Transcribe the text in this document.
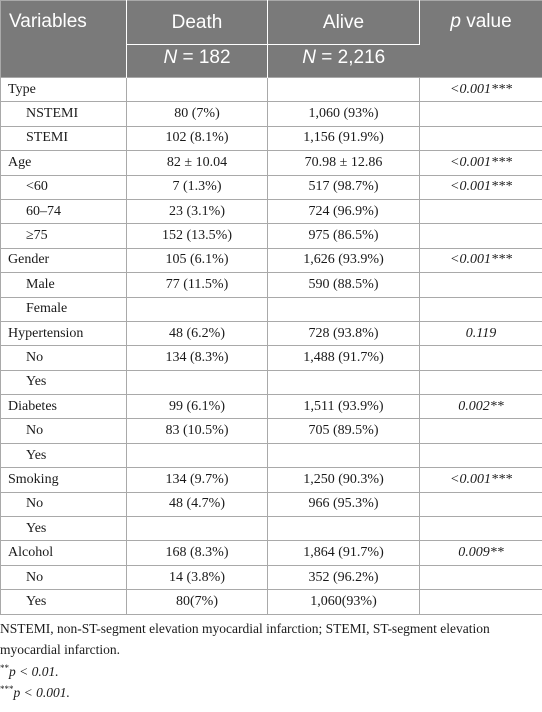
Variables	Death	Alive	p value
	N = 182	N = 2,216	
Type			<0.001***
NSTEMI	80 (7%)	1,060 (93%)	
STEMI	102 (8.1%)	1,156 (91.9%)	
Age	82 ± 10.04	70.98 ± 12.86	<0.001***
<60	7 (1.3%)	517 (98.7%)	<0.001***
60–74	23 (3.1%)	724 (96.9%)	
≥75	152 (13.5%)	975 (86.5%)	
Gender	105 (6.1%)	1,626 (93.9%)	<0.001***
Male	77 (11.5%)	590 (88.5%)	
Female			
Hypertension	48 (6.2%)	728 (93.8%)	0.119
No	134 (8.3%)	1,488 (91.7%)	
Yes			
Diabetes	99 (6.1%)	1,511 (93.9%)	0.002**
No	83 (10.5%)	705 (89.5%)	
Yes			
Smoking	134 (9.7%)	1,250 (90.3%)	<0.001***
No	48 (4.7%)	966 (95.3%)	
Yes			
Alcohol	168 (8.3%)	1,864 (91.7%)	0.009**
No	14 (3.8%)	352 (96.2%)	
Yes	80(7%)	1,060(93%)	

NSTEMI, non-ST-segment elevation myocardial infarction; STEMI, ST-segment elevation myocardial infarction.

**p < 0.01.

***p < 0.001.
